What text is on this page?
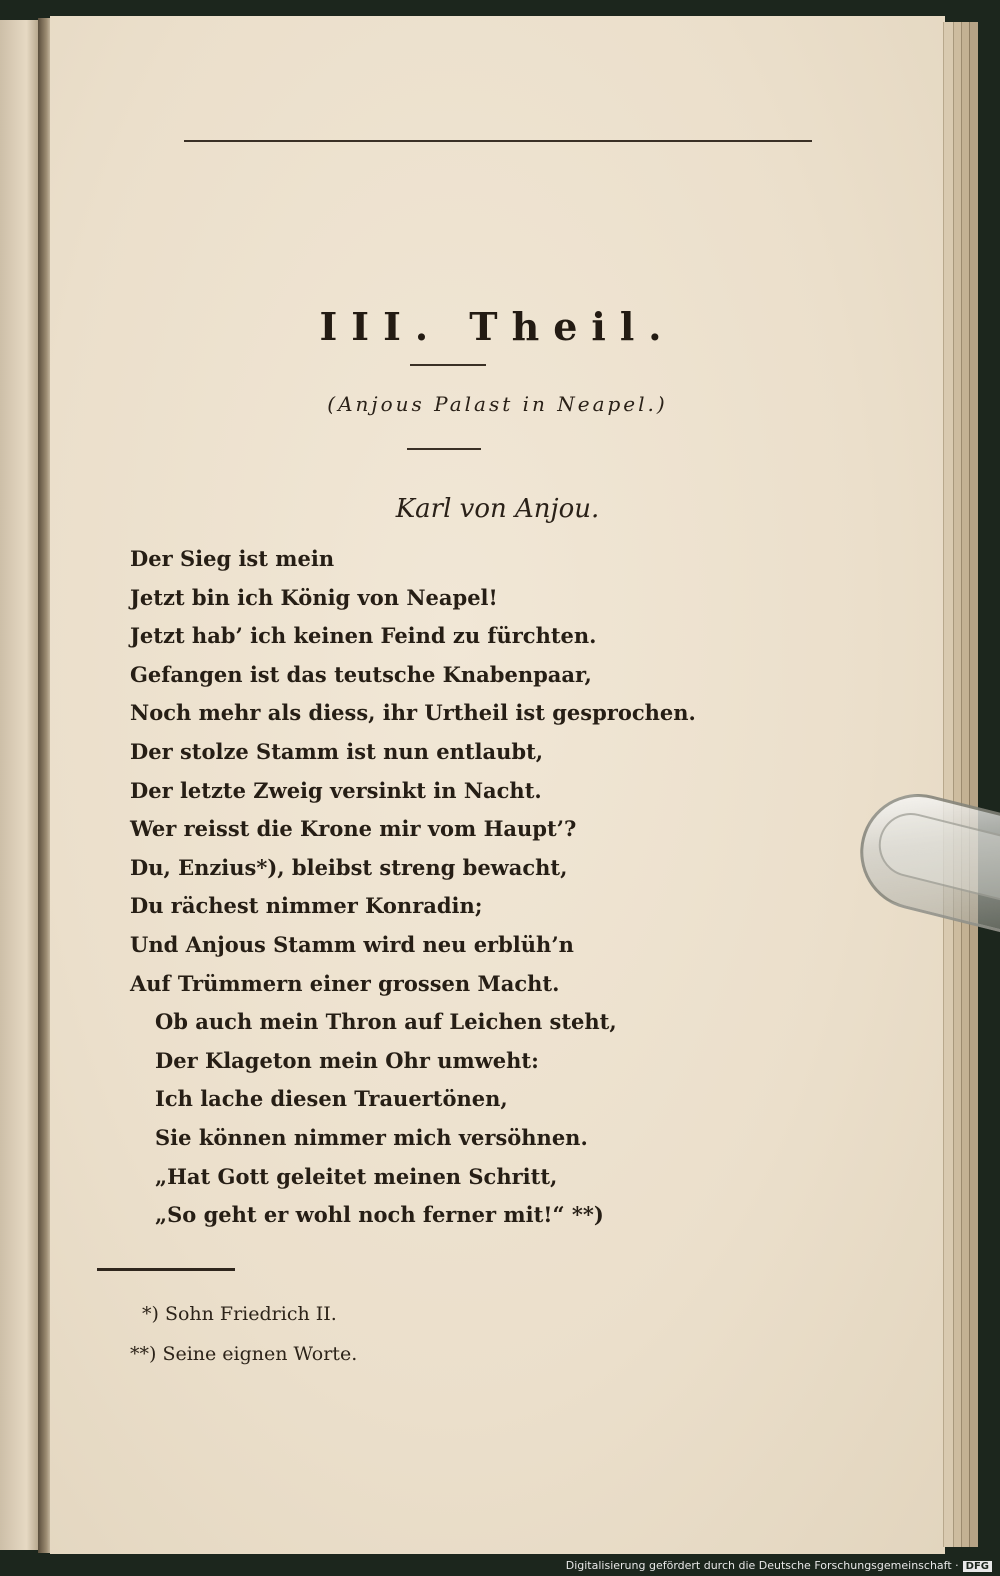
III. Theil.
(Anjous Palast in Neapel.)
Karl von Anjou.
Der Sieg ist mein
Jetzt bin ich König von Neapel!
Jetzt hab’ ich keinen Feind zu fürchten.
Gefangen ist das teutsche Knabenpaar,
Noch mehr als diess, ihr Urtheil ist gesprochen.
Der stolze Stamm ist nun entlaubt,
Der letzte Zweig versinkt in Nacht.
Wer reisst die Krone mir vom Haupt’?
Du, Enzius*), bleibst streng bewacht,
Du rächest nimmer Konradin;
Und Anjous Stamm wird neu erblüh’n
Auf Trümmern einer grossen Macht.
Ob auch mein Thron auf Leichen steht,
Der Klageton mein Ohr umweht:
Ich lache diesen Trauertönen,
Sie können nimmer mich versöhnen.
„Hat Gott geleitet meinen Schritt,
„So geht er wohl noch ferner mit!“ **)
*) Sohn Friedrich II.
**) Seine eignen Worte.
Digitalisierung gefördert durch die Deutsche Forschungsgemeinschaft · DFG
